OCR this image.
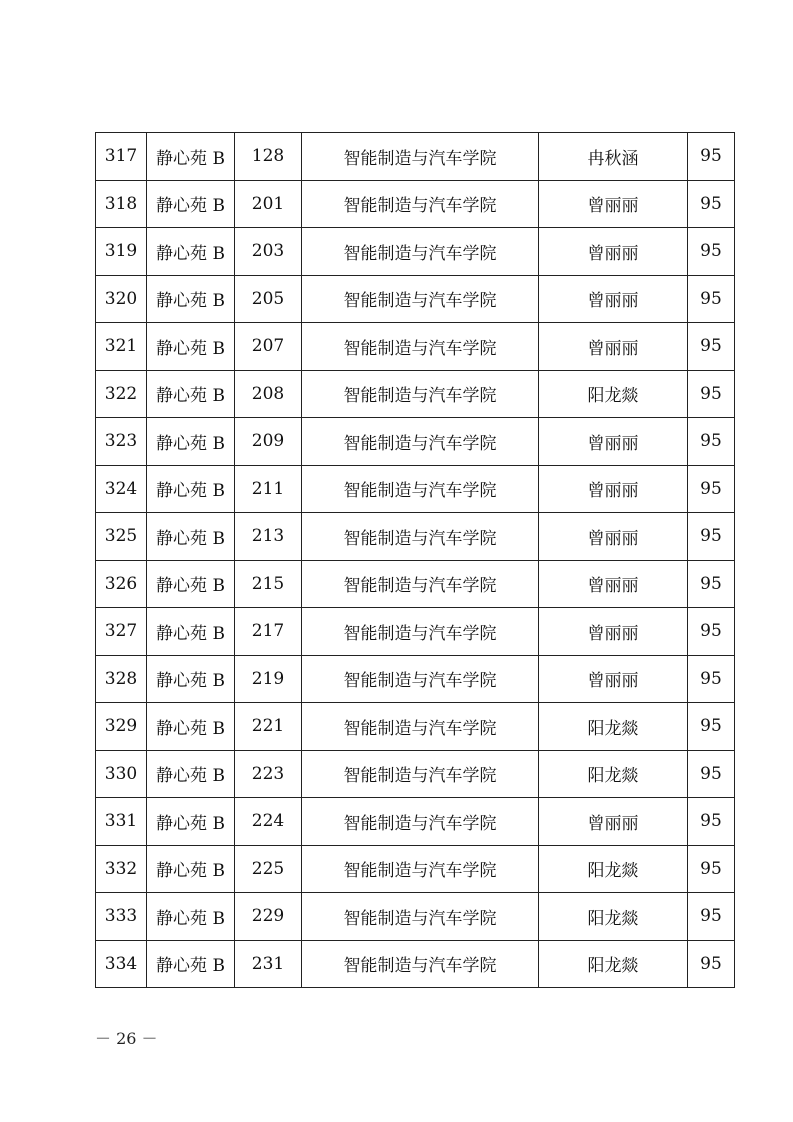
317	静心苑 B	128	智能制造与汽车学院	冉秋涵	95
318	静心苑 B	201	智能制造与汽车学院	曾丽丽	95
319	静心苑 B	203	智能制造与汽车学院	曾丽丽	95
320	静心苑 B	205	智能制造与汽车学院	曾丽丽	95
321	静心苑 B	207	智能制造与汽车学院	曾丽丽	95
322	静心苑 B	208	智能制造与汽车学院	阳龙燚	95
323	静心苑 B	209	智能制造与汽车学院	曾丽丽	95
324	静心苑 B	211	智能制造与汽车学院	曾丽丽	95
325	静心苑 B	213	智能制造与汽车学院	曾丽丽	95
326	静心苑 B	215	智能制造与汽车学院	曾丽丽	95
327	静心苑 B	217	智能制造与汽车学院	曾丽丽	95
328	静心苑 B	219	智能制造与汽车学院	曾丽丽	95
329	静心苑 B	221	智能制造与汽车学院	阳龙燚	95
330	静心苑 B	223	智能制造与汽车学院	阳龙燚	95
331	静心苑 B	224	智能制造与汽车学院	曾丽丽	95
332	静心苑 B	225	智能制造与汽车学院	阳龙燚	95
333	静心苑 B	229	智能制造与汽车学院	阳龙燚	95
334	静心苑 B	231	智能制造与汽车学院	阳龙燚	95
－ 26 －
